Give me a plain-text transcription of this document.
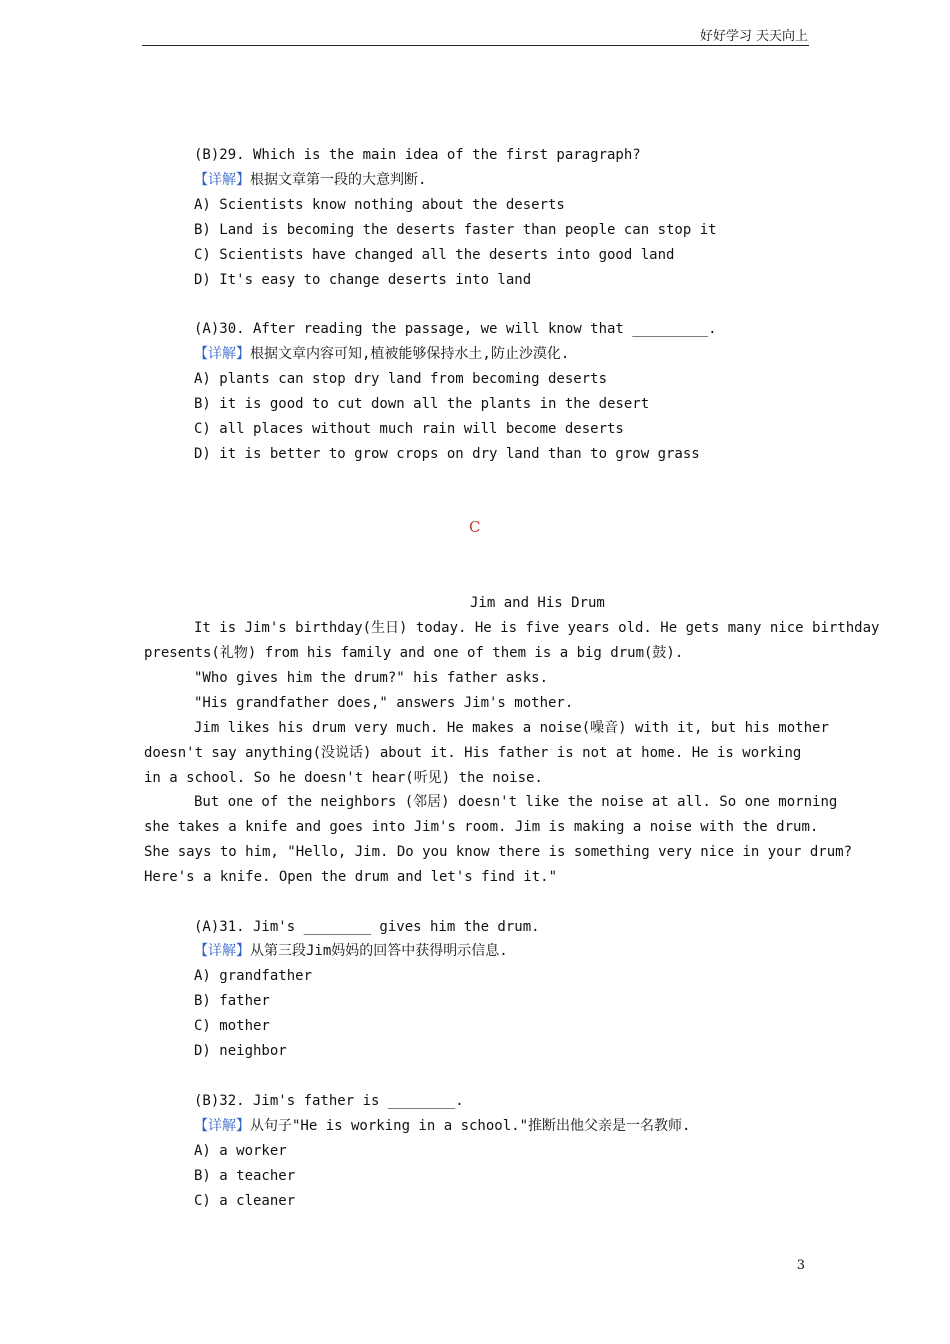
好好学习 天天向上
(B)29. Which is the main idea of the first paragraph?
【详解】根据文章第一段的大意判断.
A) Scientists know nothing about the deserts
B) Land is becoming the deserts faster than people can stop it
C) Scientists have changed all the deserts into good land
D) It's easy to change deserts into land
(A)30. After reading the passage, we will know that _________.
【详解】根据文章内容可知,植被能够保持水土,防止沙漠化.
A) plants can stop dry land from becoming deserts
B) it is good to cut down all the plants in the desert
C) all places without much rain will become deserts
D) it is better to grow crops on dry land than to grow grass
C
Jim and His Drum
It is Jim's birthday(生日) today. He is five years old. He gets many nice birthday
presents(礼物) from his family and one of them is a big drum(鼓).
"Who gives him the drum?" his father asks.
"His grandfather does," answers Jim's mother.
Jim likes his drum very much. He makes a noise(噪音) with it, but his mother
doesn't say anything(没说话) about it. His father is not at home. He is working
in a school. So he doesn't hear(听见) the noise.
But one of the neighbors (邻居) doesn't like the noise at all. So one morning
she takes a knife and goes into Jim's room. Jim is making a noise with the drum.
She says to him, "Hello, Jim. Do you know there is something very nice in your drum?
Here's a knife. Open the drum and let's find it."
(A)31. Jim's ________ gives him the drum.
【详解】从第三段Jim妈妈的回答中获得明示信息.
A) grandfather
B) father
C) mother
D) neighbor
(B)32. Jim's father is ________.
【详解】从句子"He is working in a school."推断出他父亲是一名教师.
A) a worker
B) a teacher
C) a cleaner
3
